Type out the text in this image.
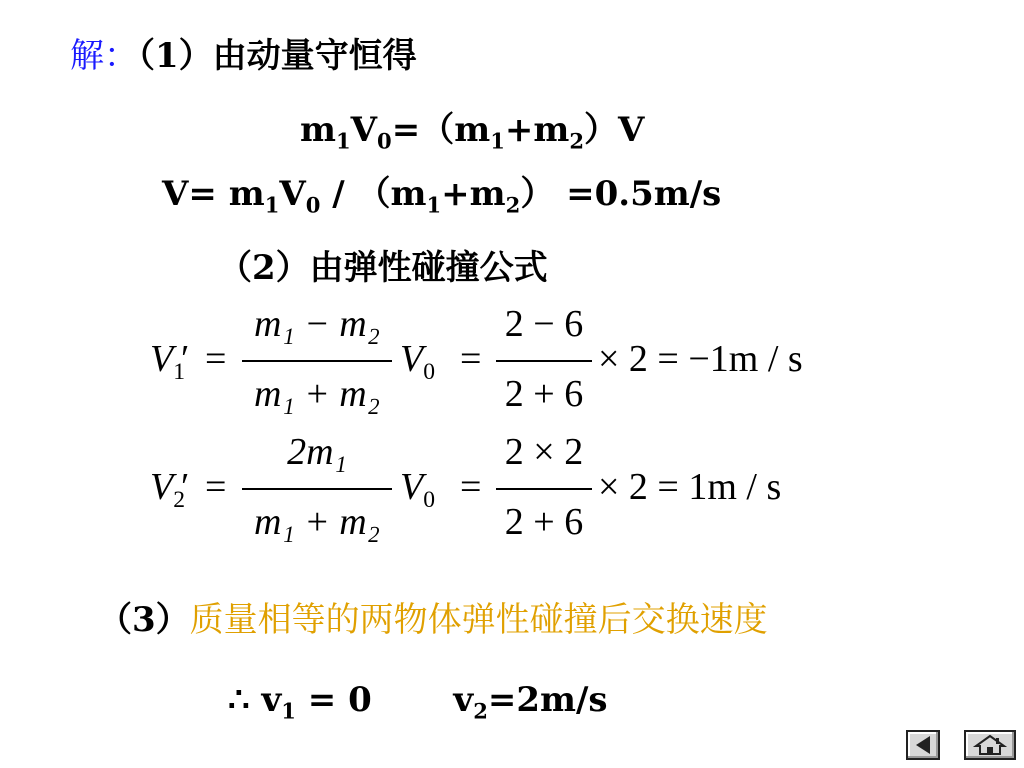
解：（1）由动量守恒得
$m_1V_0=(m_1+m_2)V$
$V= m_1V_0 / (m_1+m_2) =0.5m/s$
（2）由弹性碰撞公式
$V_1'$ =
m₁ − m₂
m₁ + m₂
$V_0$ =
2 − 6
2 + 6
× 2 = −1m / s
$V_2'$ =
2m₁
m₁ + m₂
$V_0$ =
2 × 2
2 + 6
× 2 = 1m / s
（3）质量相等的两物体弹性碰撞后交换速度
∴ $v_1 = 0$ $v_2=2m/s$
